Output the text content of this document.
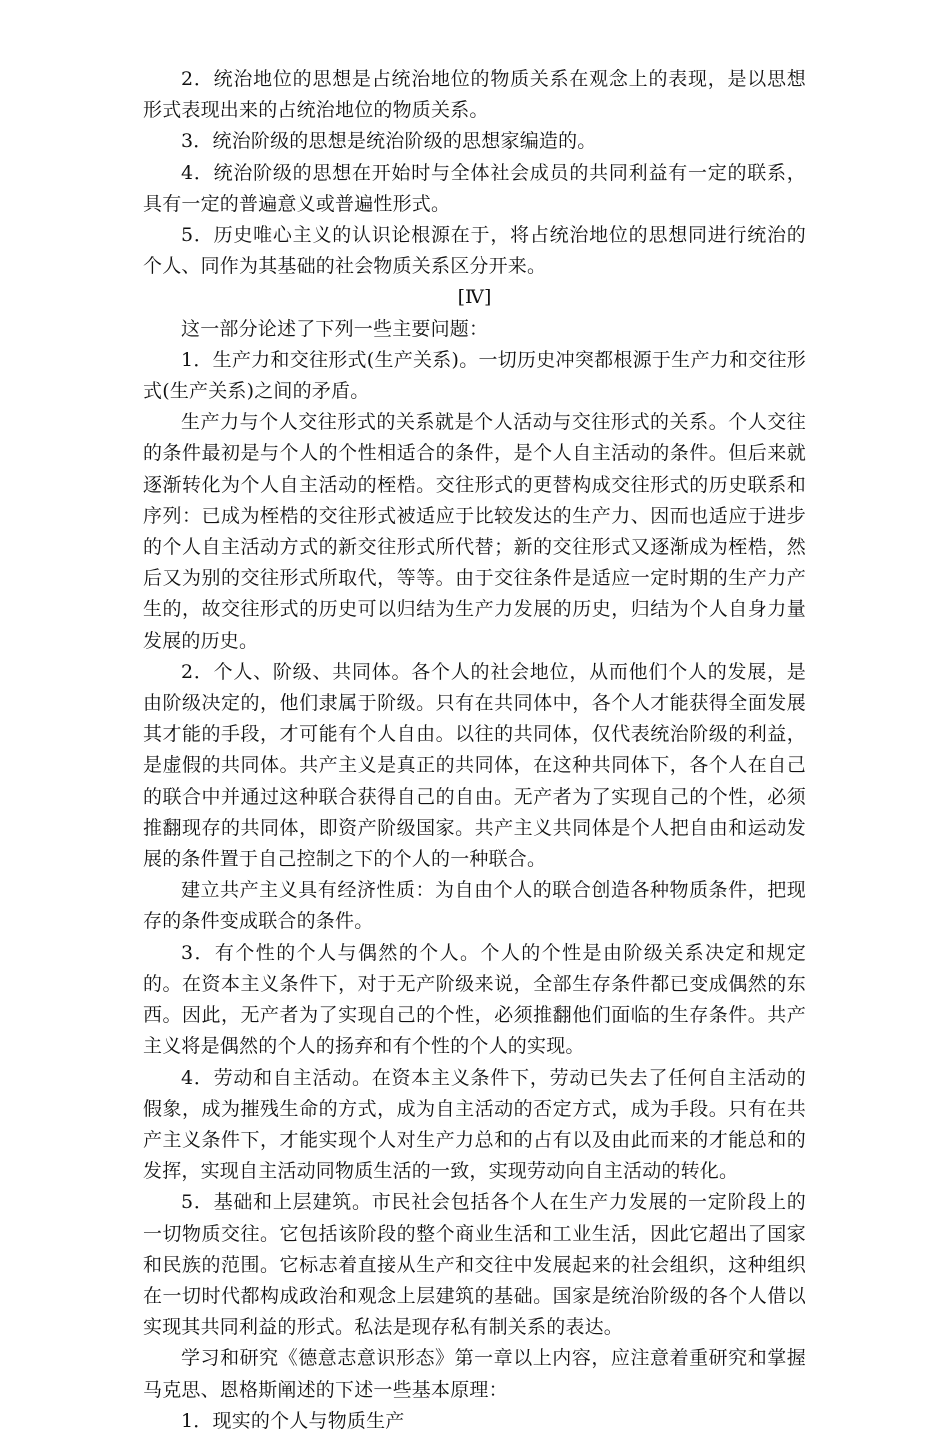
2．统治地位的思想是占统治地位的物质关系在观念上的表现，是以思想形式表现出来的占统治地位的物质关系。

3．统治阶级的思想是统治阶级的思想家编造的。

4．统治阶级的思想在开始时与全体社会成员的共同利益有一定的联系，具有一定的普遍意义或普遍性形式。

5．历史唯心主义的认识论根源在于，将占统治地位的思想同进行统治的个人、同作为其基础的社会物质关系区分开来。

[Ⅳ]

这一部分论述了下列一些主要问题：

1．生产力和交往形式(生产关系)。一切历史冲突都根源于生产力和交往形式(生产关系)之间的矛盾。

生产力与个人交往形式的关系就是个人活动与交往形式的关系。个人交往的条件最初是与个人的个性相适合的条件，是个人自主活动的条件。但后来就逐渐转化为个人自主活动的桎梏。交往形式的更替构成交往形式的历史联系和序列：已成为桎梏的交往形式被适应于比较发达的生产力、因而也适应于进步的个人自主活动方式的新交往形式所代替；新的交往形式又逐渐成为桎梏，然后又为别的交往形式所取代，等等。由于交往条件是适应一定时期的生产力产生的，故交往形式的历史可以归结为生产力发展的历史，归结为个人自身力量发展的历史。

2．个人、阶级、共同体。各个人的社会地位，从而他们个人的发展，是由阶级决定的，他们隶属于阶级。只有在共同体中，各个人才能获得全面发展其才能的手段，才可能有个人自由。以往的共同体，仅代表统治阶级的利益，是虚假的共同体。共产主义是真正的共同体，在这种共同体下，各个人在自己的联合中并通过这种联合获得自己的自由。无产者为了实现自己的个性，必须推翻现存的共同体，即资产阶级国家。共产主义共同体是个人把自由和运动发展的条件置于自己控制之下的个人的一种联合。

建立共产主义具有经济性质：为自由个人的联合创造各种物质条件，把现存的条件变成联合的条件。

3．有个性的个人与偶然的个人。个人的个性是由阶级关系决定和规定的。在资本主义条件下，对于无产阶级来说，全部生存条件都已变成偶然的东西。因此，无产者为了实现自己的个性，必须推翻他们面临的生存条件。共产主义将是偶然的个人的扬弃和有个性的个人的实现。

4．劳动和自主活动。在资本主义条件下，劳动已失去了任何自主活动的假象，成为摧残生命的方式，成为自主活动的否定方式，成为手段。只有在共产主义条件下，才能实现个人对生产力总和的占有以及由此而来的才能总和的发挥，实现自主活动同物质生活的一致，实现劳动向自主活动的转化。

5．基础和上层建筑。市民社会包括各个人在生产力发展的一定阶段上的一切物质交往。它包括该阶段的整个商业生活和工业生活，因此它超出了国家和民族的范围。它标志着直接从生产和交往中发展起来的社会组织，这种组织在一切时代都构成政治和观念上层建筑的基础。国家是统治阶级的各个人借以实现其共同利益的形式。私法是现存私有制关系的表达。

学习和研究《德意志意识形态》第一章以上内容，应注意着重研究和掌握马克思、恩格斯阐述的下述一些基本原理：

1．现实的个人与物质生产
